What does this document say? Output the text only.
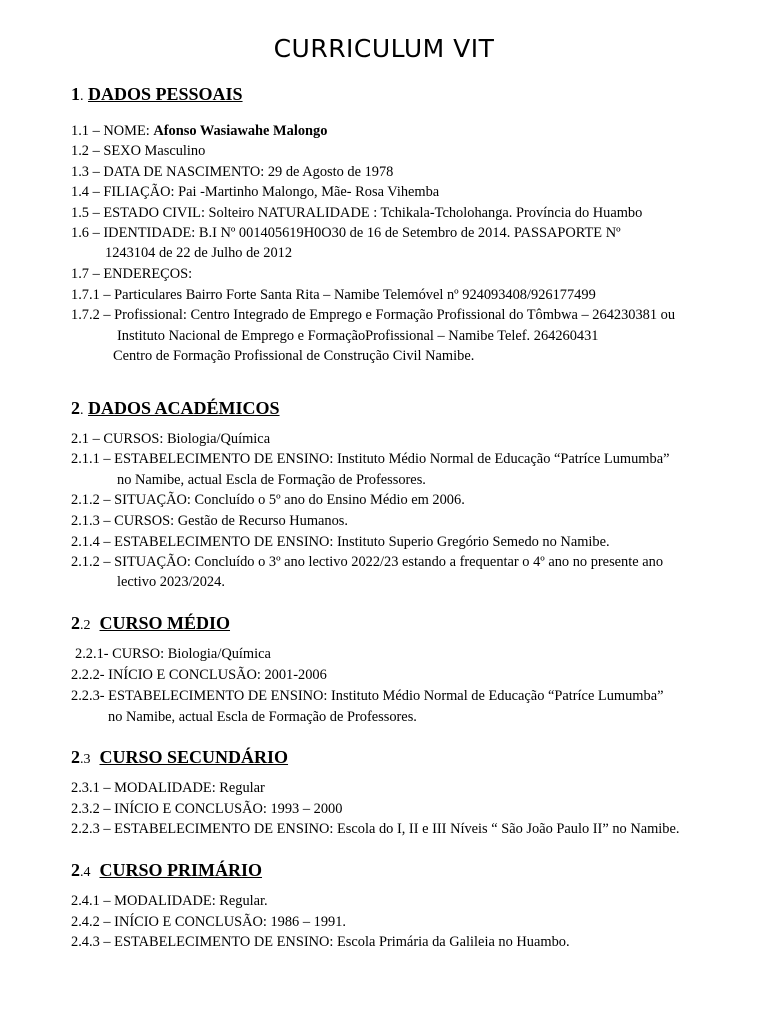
CURRICULUM VIT
1. DADOS PESSOAIS
1.1 – NOME: Afonso Wasiawahe Malongo
1.2 – SEXO Masculino
1.3 – DATA DE NASCIMENTO: 29 de Agosto de 1978
1.4 – FILIAÇÃO: Pai -Martinho Malongo, Mãe- Rosa Vihemba
1.5 – ESTADO CIVIL: Solteiro NATURALIDADE : Tchikala-Tcholohanga. Província do Huambo
1.6 – IDENTIDADE: B.I Nº 001405619H0O30 de 16 de Setembro de 2014. PASSAPORTE Nº
1243104 de 22 de Julho de 2012
1.7 – ENDEREÇOS:
1.7.1 – Particulares Bairro Forte Santa Rita – Namibe Telemóvel nº 924093408/926177499
1.7.2 – Profissional: Centro Integrado de Emprego e Formação Profissional do Tômbwa – 264230381 ou
Instituto Nacional de Emprego e FormaçãoProfissional – Namibe Telef. 264260431
Centro de Formação Profissional de Construção Civil Namibe.
2. DADOS ACADÉMICOS
2.1 – CURSOS: Biologia/Química
2.1.1 – ESTABELECIMENTO DE ENSINO: Instituto Médio Normal de Educação “Patríce Lumumba”
no Namibe, actual Escla de Formação de Professores.
2.1.2 – SITUAÇÃO: Concluído o 5º ano do Ensino Médio em 2006.
2.1.3 – CURSOS: Gestão de Recurso Humanos.
2.1.4 – ESTABELECIMENTO DE ENSINO: Instituto Superio Gregório Semedo no Namibe.
2.1.2 – SITUAÇÃO: Concluído o 3º ano lectivo 2022/23 estando a frequentar o 4º ano no presente ano
lectivo 2023/2024.
2.2 CURSO MÉDIO
2.2.1- CURSO: Biologia/Química
2.2.2- INÍCIO E CONCLUSÃO: 2001-2006
2.2.3- ESTABELECIMENTO DE ENSINO: Instituto Médio Normal de Educação “Patríce Lumumba”
no Namibe, actual Escla de Formação de Professores.
2.3 CURSO SECUNDÁRIO
2.3.1 – MODALIDADE: Regular
2.3.2 – INÍCIO E CONCLUSÃO: 1993 – 2000
2.2.3 – ESTABELECIMENTO DE ENSINO: Escola do I, II e III Níveis “ São João Paulo II” no Namibe.
2.4 CURSO PRIMÁRIO
2.4.1 – MODALIDADE: Regular.
2.4.2 – INÍCIO E CONCLUSÃO: 1986 – 1991.
2.4.3 – ESTABELECIMENTO DE ENSINO: Escola Primária da Galileia no Huambo.
